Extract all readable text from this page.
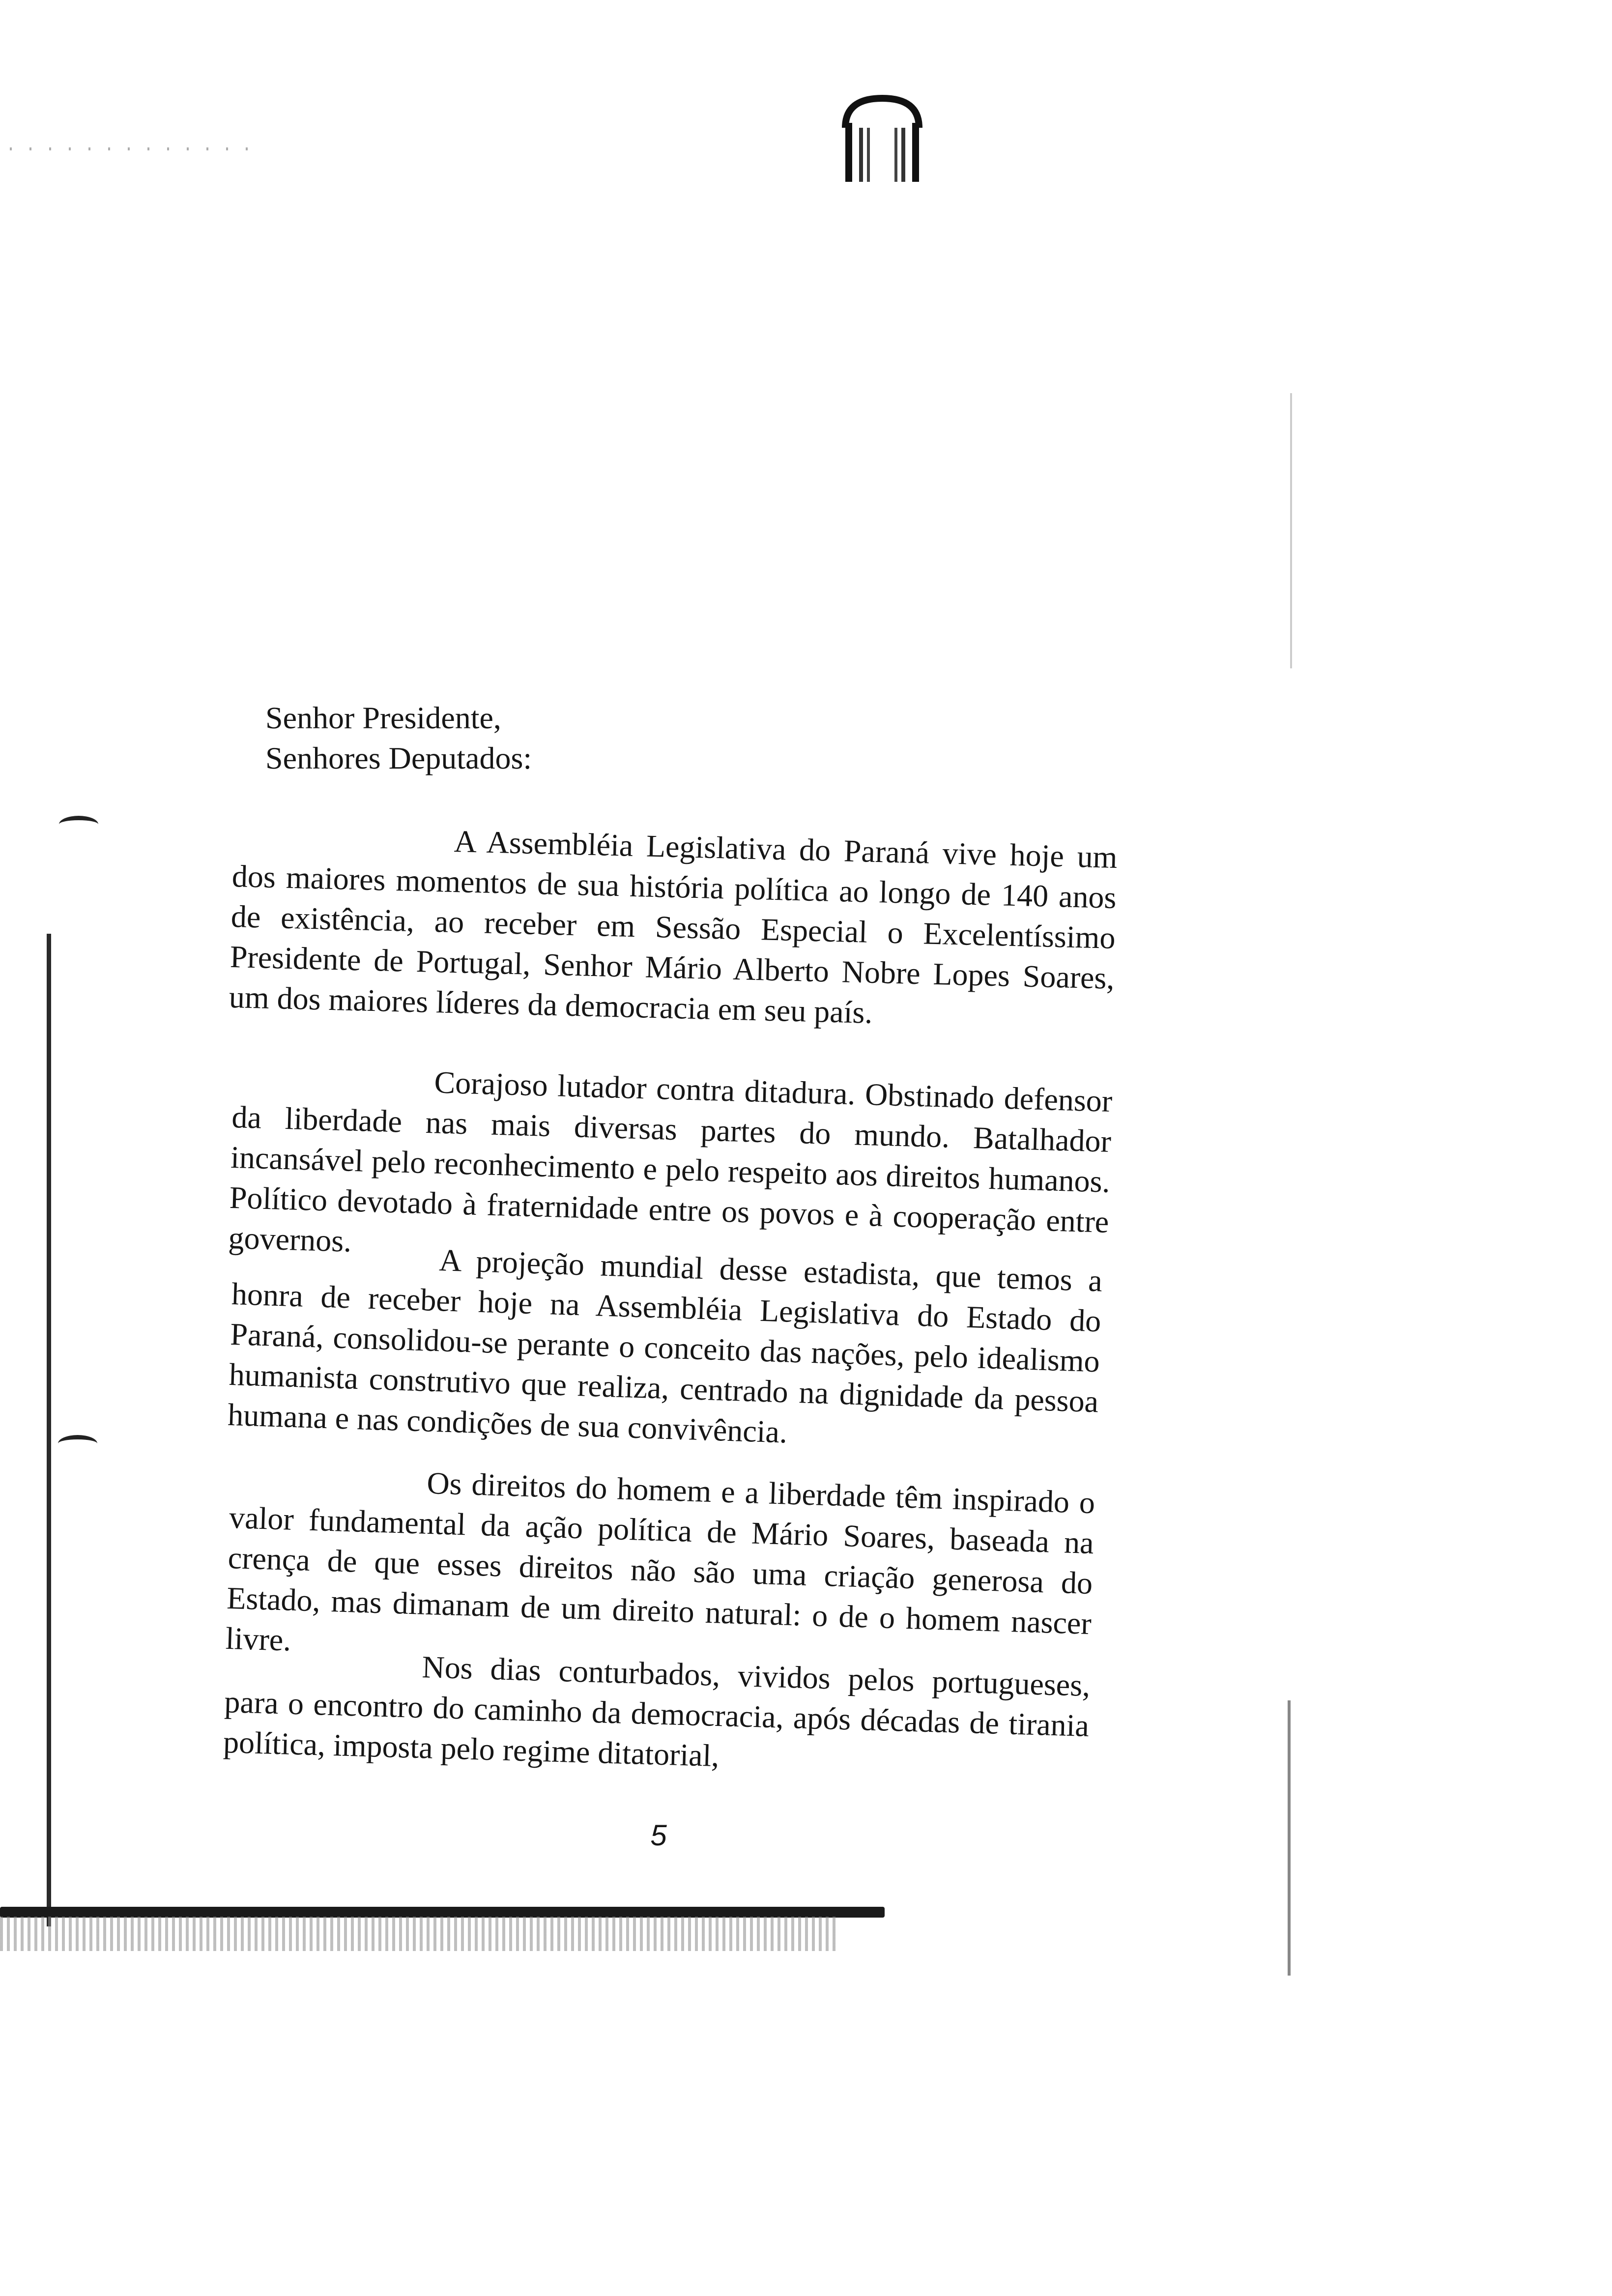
Senhor Presidente,
Senhores Deputados:

A Assembléia Legislativa do Paraná vive hoje um dos maiores momentos de sua história política ao longo de 140 anos de existência, ao receber em Sessão Especial o Excelentíssimo Presidente de Portugal, Senhor Mário Alberto Nobre Lopes Soares, um dos maiores líderes da democracia em seu país.

Corajoso lutador contra ditadura. Obstinado defensor da liberdade nas mais diversas partes do mundo. Batalhador incansável pelo reconhecimento e pelo respeito aos direitos humanos. Político devotado à fraternidade entre os povos e à cooperação entre governos.

A projeção mundial desse estadista, que temos a honra de receber hoje na Assembléia Legislativa do Estado do Paraná, consolidou-se perante o conceito das nações, pelo idealismo humanista construtivo que realiza, centrado na dignidade da pessoa humana e nas condições de sua convivência.

Os direitos do homem e a liberdade têm inspirado o valor fundamental da ação política de Mário Soares, baseada na crença de que esses direitos não são uma criação generosa do Estado, mas dimanam de um direito natural: o de o homem nascer livre.

Nos dias conturbados, vividos pelos portugueses, para o encontro do caminho da democracia, após décadas de tirania política, imposta pelo regime ditatorial,

5
